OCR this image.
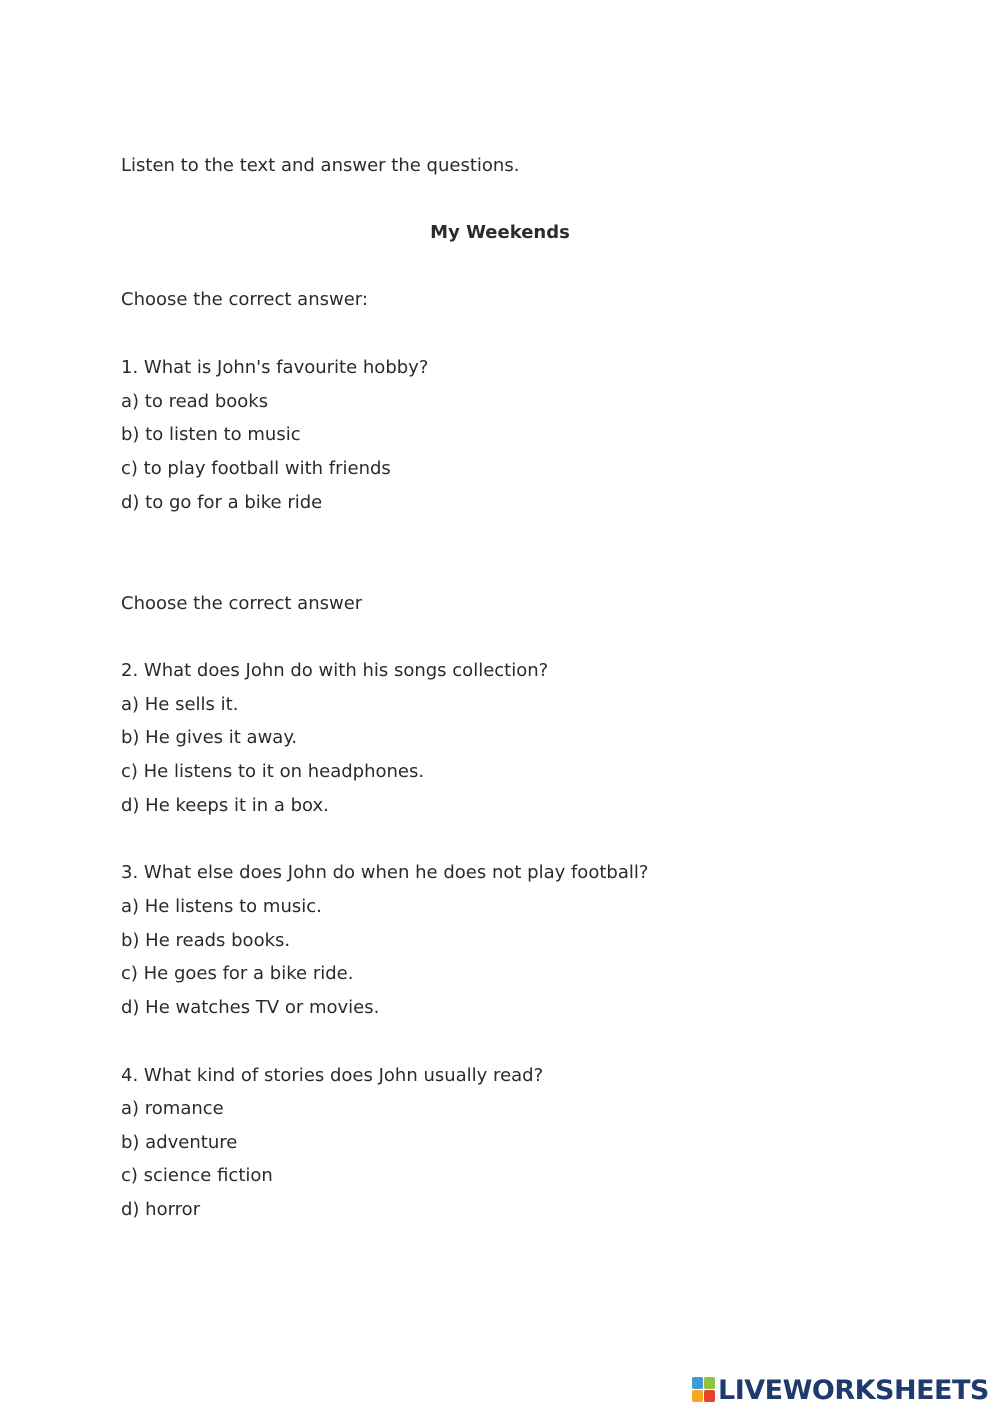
Listen to the text and answer the questions.
My Weekends
Choose the correct answer:
1. What is John's favourite hobby?
a) to read books
b) to listen to music
c) to play football with friends
d) to go for a bike ride
Choose the correct answer
2. What does John do with his songs collection?
a) He sells it.
b) He gives it away.
c) He listens to it on headphones.
d) He keeps it in a box.
3. What else does John do when he does not play football?
a) He listens to music.
b) He reads books.
c) He goes for a bike ride.
d) He watches TV or movies.
4. What kind of stories does John usually read?
a) romance
b) adventure
c) science fiction
d) horror
LIVEWORKSHEETS
